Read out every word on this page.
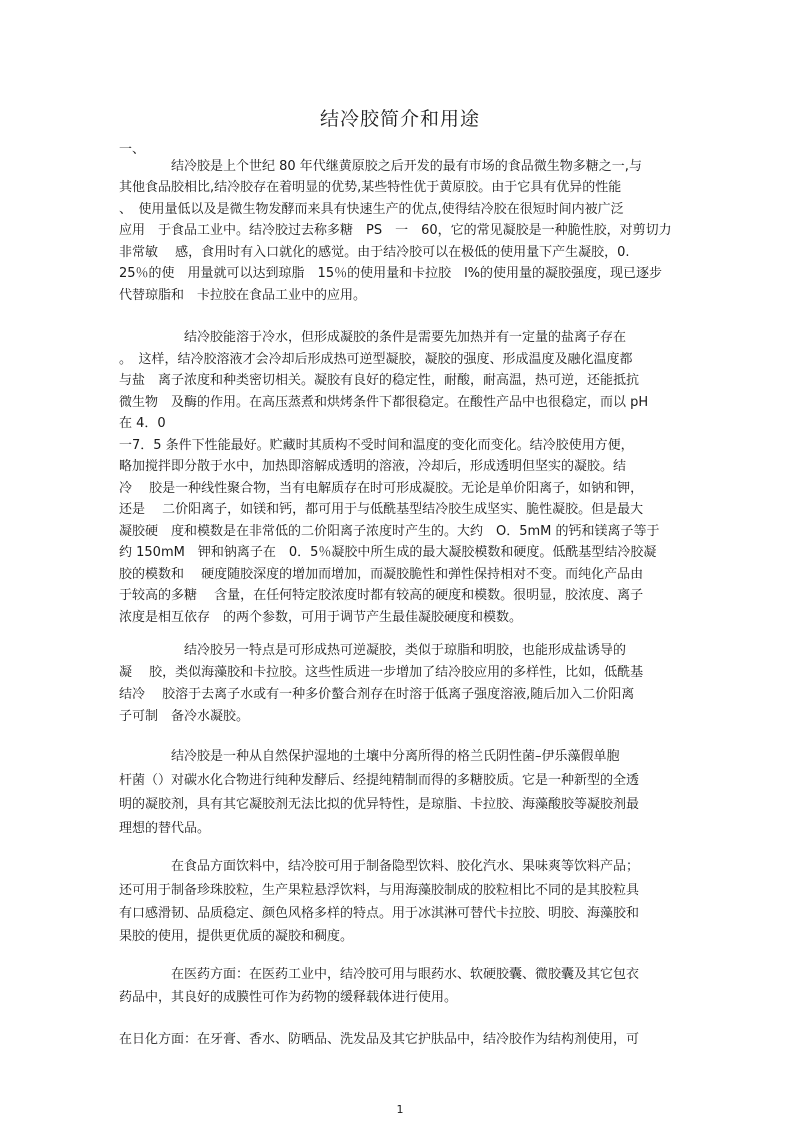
结冷胶简介和用途
一、
　　　　结冷胶是上个世纪 80 年代继黄原胶之后开发的最有市场的食品微生物多糖之一,与
其他食品胶相比,结冷胶存在着明显的优势,某些特性优于黄原胶。由于它具有优异的性能
、　使用量低以及是微生物发酵而来具有快速生产的优点,使得结冷胶在很短时间内被广泛
应用　于食品工业中。结冷胶过去称多糖　PS　一　60，它的常见凝胶是一种脆性胶，对剪切力
非常敏　 感，食用时有入口就化的感觉。由于结冷胶可以在极低的使用量下产生凝胶，0.
25％的使　用量就可以达到琼脂　15％的使用量和卡拉胶　l%的使用量的凝胶强度，现已逐步
代替琼脂和　卡拉胶在食品工业中的应用。
　　　　　结冷胶能溶于冷水，但形成凝胶的条件是需要先加热并有一定量的盐离子存在
。　这样，结冷胶溶液才会冷却后形成热可逆型凝胶，凝胶的强度、形成温度及融化温度都
与盐　离子浓度和种类密切相关。凝胶有良好的稳定性，耐酸，耐高温，热可逆，还能抵抗
微生物　及酶的作用。在高压蒸煮和烘烤条件下都很稳定。在酸性产品中也很稳定，而以 pH
在 4．0
一7．5 条件下性能最好。贮藏时其质构不受时间和温度的变化而变化。结冷胶使用方便，
略加搅拌即分散于水中，加热即溶解成透明的溶液，冷却后，形成透明但坚实的凝胶。结
冷　 胶是一种线性聚合物，当有电解质存在时可形成凝胶。无论是单价阳离子，如钠和钾，
还是　 二价阳离子，如镁和钙，都可用于与低酰基型结冷胶生成坚实、脆性凝胶。但是最大
凝胶硬　度和模数是在非常低的二价阳离子浓度时产生的。大约　O．5mM 的钙和镁离子等于
约 150mM　钾和钠离子在　0．5％凝胶中所生成的最大凝胶模数和硬度。低酰基型结冷胶凝
胶的模数和　 硬度随胶深度的增加而增加，而凝胶脆性和弹性保持相对不变。而纯化产品由
于较高的多糖　 含量，在任何特定胶浓度时都有较高的硬度和模数。很明显，胶浓度、离子
浓度是相互依存　的两个参数，可用于调节产生最佳凝胶硬度和模数。
　　　　　结冷胶另一特点是可形成热可逆凝胶，类似于琼脂和明胶，也能形成盐诱导的
凝　 胶，类似海藻胶和卡拉胶。这些性质进一步增加了结冷胶应用的多样性，比如，低酰基
结冷　 胶溶于去离子水或有一种多价螯合剂存在时溶于低离子强度溶液,随后加入二价阳离
子可制　备冷水凝胶。
　　　　结冷胶是一种从自然保护湿地的土壤中分离所得的格兰氏阴性菌–伊乐藻假单胞
杆菌（）对碳水化合物进行纯种发酵后、经提纯精制而得的多糖胶质。它是一种新型的全透
明的凝胶剂，具有其它凝胶剂无法比拟的优异特性，是琼脂、卡拉胶、海藻酸胶等凝胶剂最
理想的替代品。
　　　　在食品方面饮料中，结冷胶可用于制备隐型饮料、胶化汽水、果味爽等饮料产品；
还可用于制备珍珠胶粒，生产果粒悬浮饮料，与用海藻胶制成的胶粒相比不同的是其胶粒具
有口感滑韧、品质稳定、颜色风格多样的特点。用于冰淇淋可替代卡拉胶、明胶、海藻胶和
果胶的使用，提供更优质的凝胶和稠度。
　　　　在医药方面：在医药工业中，结冷胶可用与眼药水、软硬胶囊、微胶囊及其它包衣
药品中，其良好的成膜性可作为药物的缓释载体进行使用。
在日化方面：在牙膏、香水、防晒品、洗发品及其它护肤品中，结冷胶作为结构剂使用，可
1
